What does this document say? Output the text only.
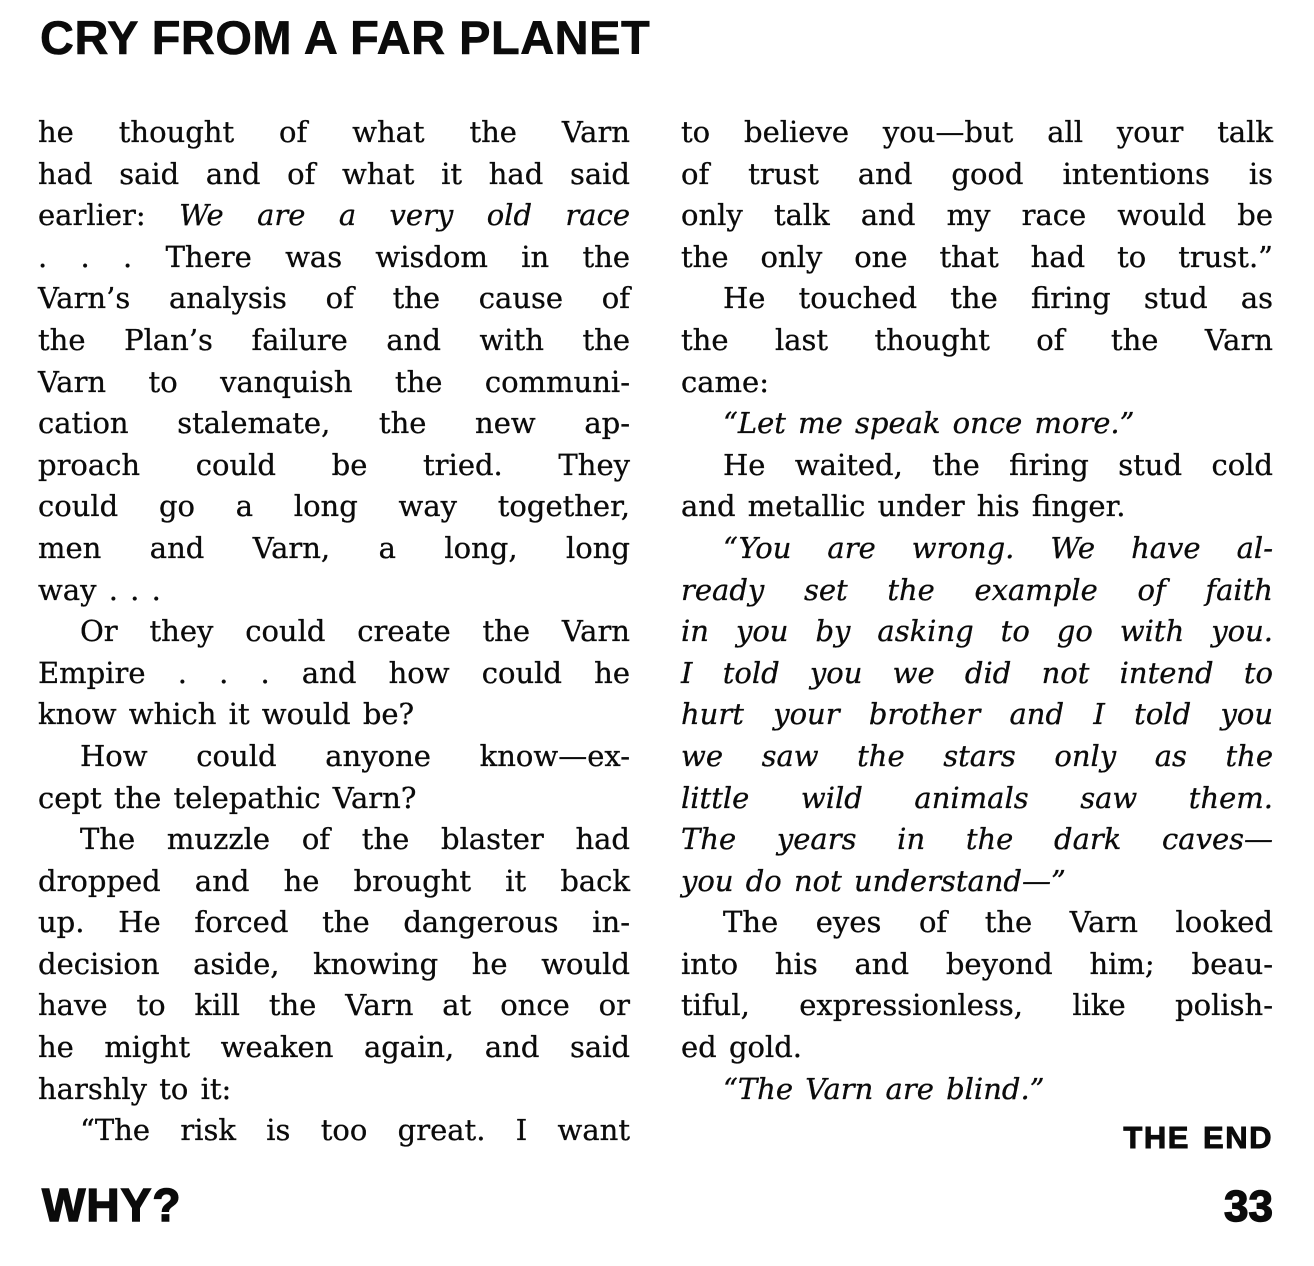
CRY FROM A FAR PLANET
he thought of what the Varn
had said and of what it had said
earlier: We are a very old race
. . . There was wisdom in the
Varn’s analysis of the cause of
the Plan’s failure and with the
Varn to vanquish the communi-
cation stalemate, the new ap-
proach could be tried. They
could go a long way together,
men and Varn, a long, long
way . . .
Or they could create the Varn
Empire . . . and how could he
know which it would be?
How could anyone know—ex-
cept the telepathic Varn?
The muzzle of the blaster had
dropped and he brought it back
up. He forced the dangerous in-
decision aside, knowing he would
have to kill the Varn at once or
he might weaken again, and said
harshly to it:
“The risk is too great. I want
to believe you—but all your talk
of trust and good intentions is
only talk and my race would be
the only one that had to trust.”
He touched the firing stud as
the last thought of the Varn
came:
“Let me speak once more.”
He waited, the firing stud cold
and metallic under his finger.
“You are wrong. We have al-
ready set the example of faith
in you by asking to go with you.
I told you we did not intend to
hurt your brother and I told you
we saw the stars only as the
little wild animals saw them.
The years in the dark caves—
you do not understand—”
The eyes of the Varn looked
into his and beyond him; beau-
tiful, expressionless, like polish-
ed gold.
“The Varn are blind.”
THE END
WHY?	33
